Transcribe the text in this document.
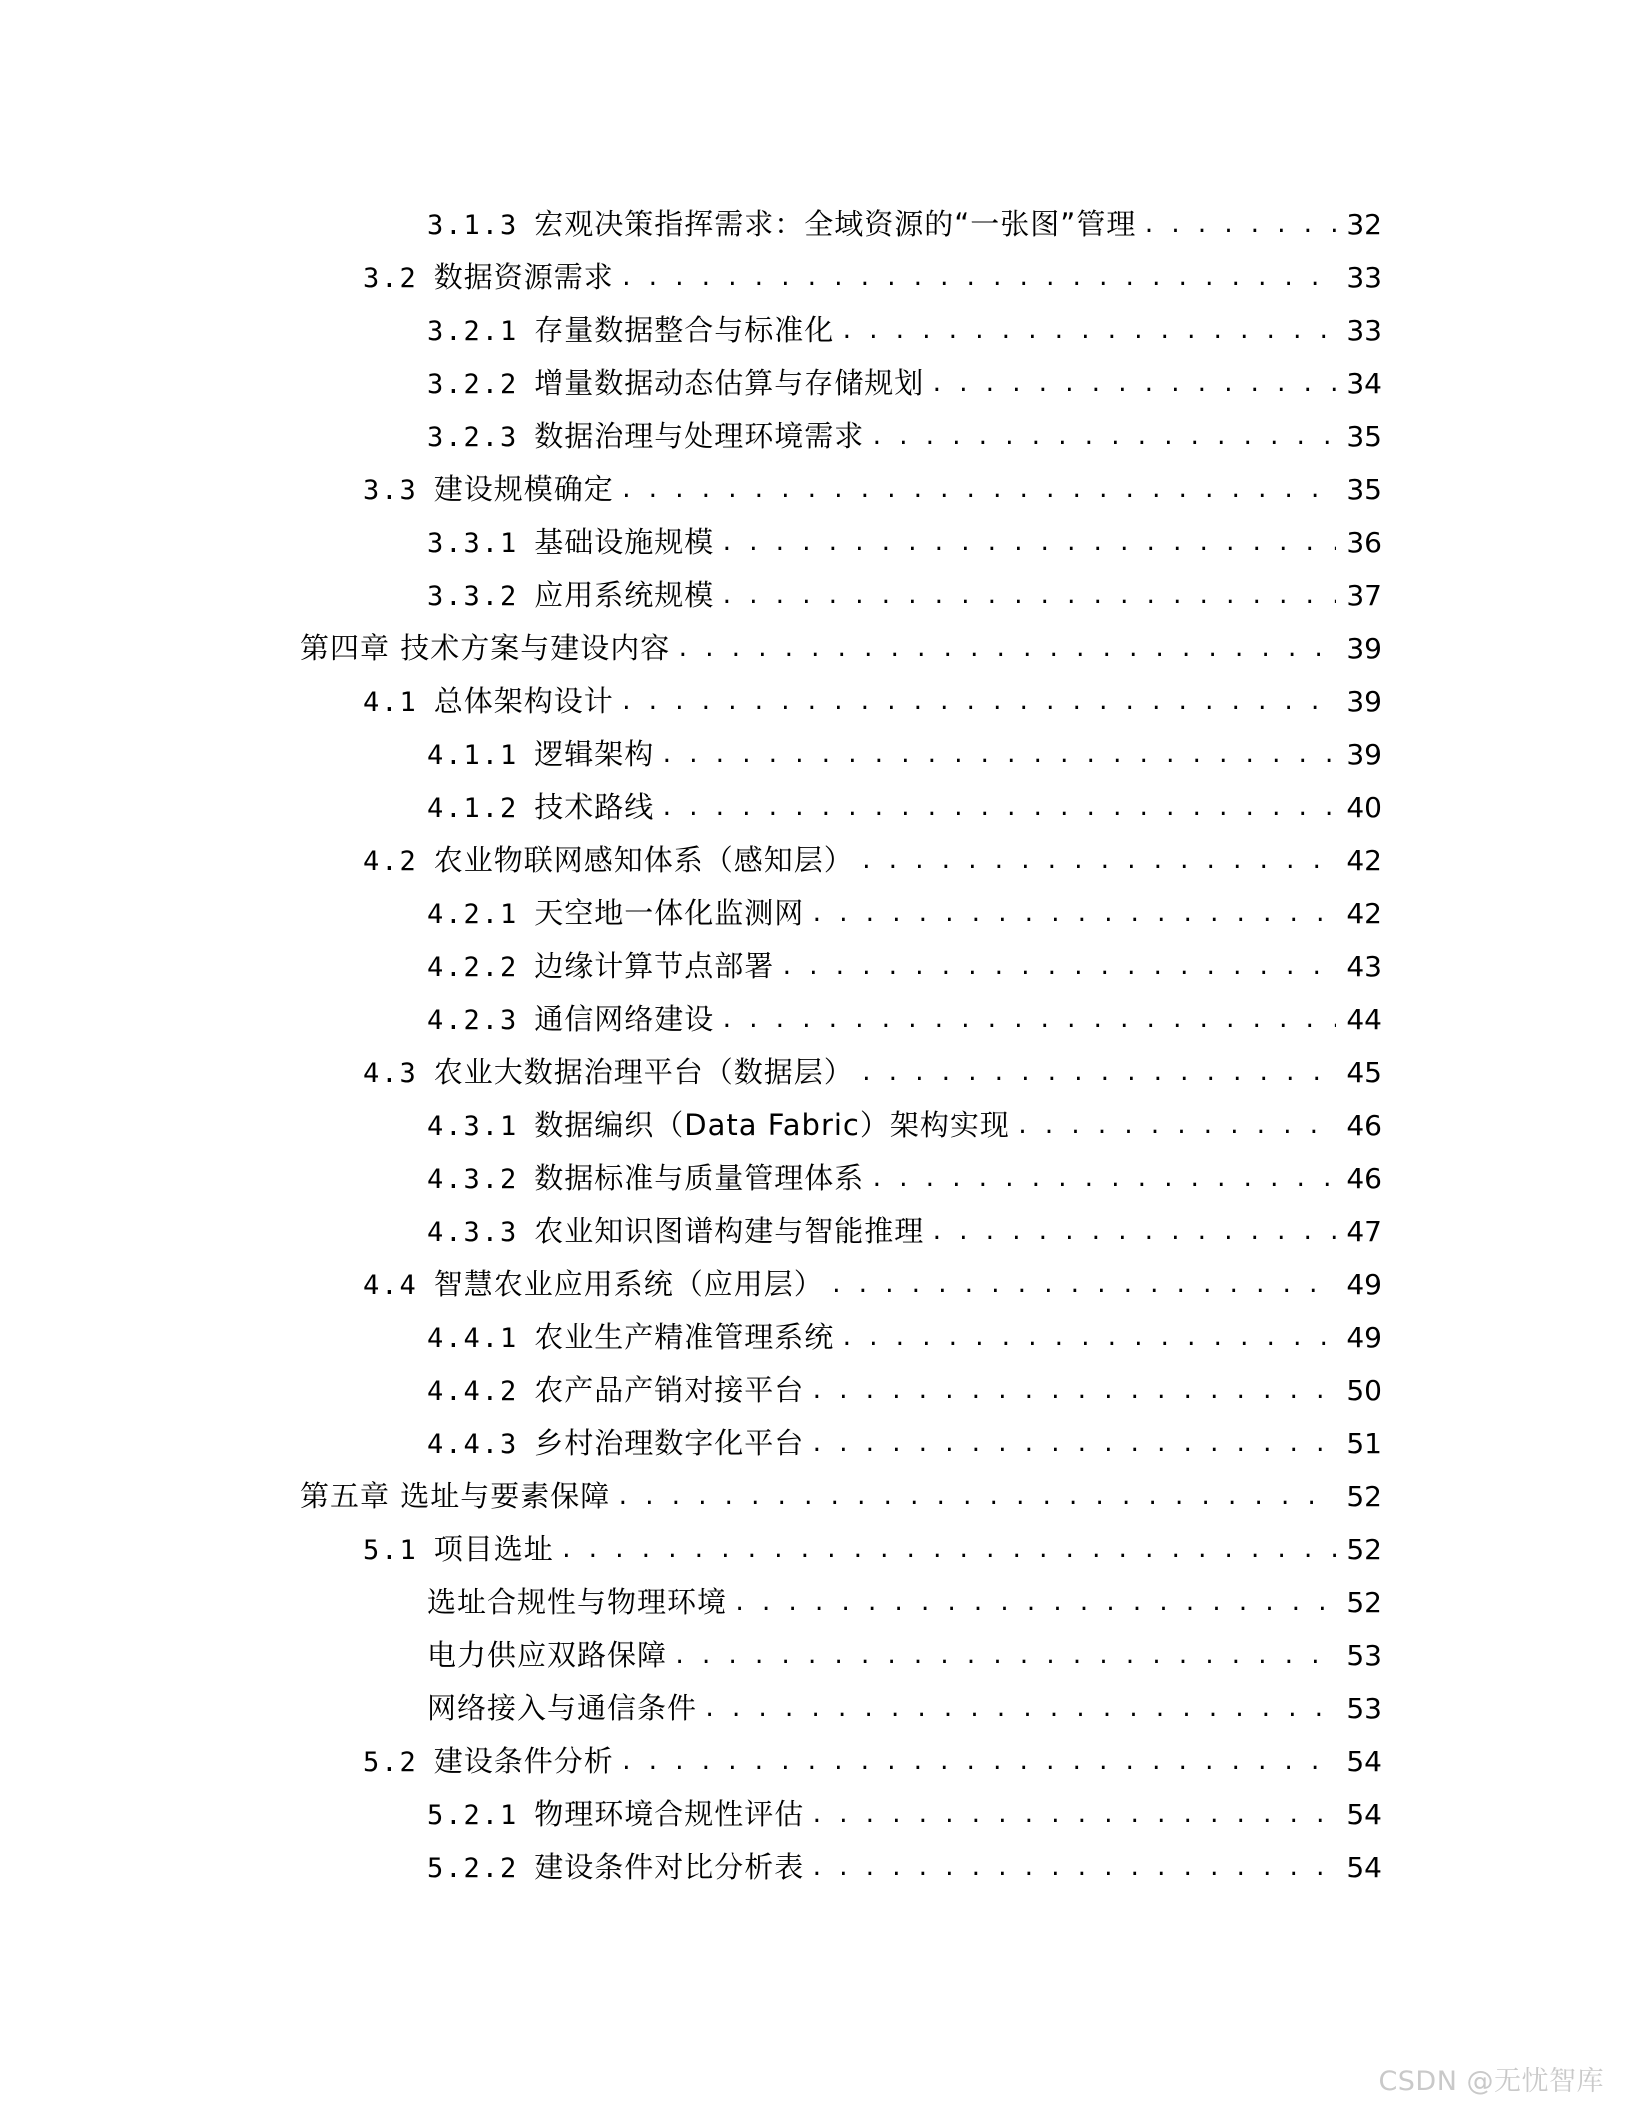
3.1.3 宏观决策指挥需求：全域资源的“一张图”管理 . . .	32
3.2 数据资源需求 . . .	33
3.2.1 存量数据整合与标准化 . . .	33
3.2.2 增量数据动态估算与存储规划 . . .	34
3.2.3 数据治理与处理环境需求 . . .	35
3.3 建设规模确定 . . .	35
3.3.1 基础设施规模 . . .	36
3.3.2 应用系统规模 . . .	37
第四章 技术方案与建设内容 . . .	39
4.1 总体架构设计 . . .	39
4.1.1 逻辑架构 . . .	39
4.1.2 技术路线 . . .	40
4.2 农业物联网感知体系（感知层） . . .	42
4.2.1 天空地一体化监测网 . . .	42
4.2.2 边缘计算节点部署 . . .	43
4.2.3 通信网络建设 . . .	44
4.3 农业大数据治理平台（数据层） . . .	45
4.3.1 数据编织（Data Fabric）架构实现 . . .	46
4.3.2 数据标准与质量管理体系 . . .	46
4.3.3 农业知识图谱构建与智能推理 . . .	47
4.4 智慧农业应用系统（应用层） . . .	49
4.4.1 农业生产精准管理系统 . . .	49
4.4.2 农产品产销对接平台 . . .	50
4.4.3 乡村治理数字化平台 . . .	51
第五章 选址与要素保障 . . .	52
5.1 项目选址 . . .	52
选址合规性与物理环境 . . .	52
电力供应双路保障 . . .	53
网络接入与通信条件 . . .	53
5.2 建设条件分析 . . .	54
5.2.1 物理环境合规性评估 . . .	54
5.2.2 建设条件对比分析表 . . .	54
CSDN @无忧智库
